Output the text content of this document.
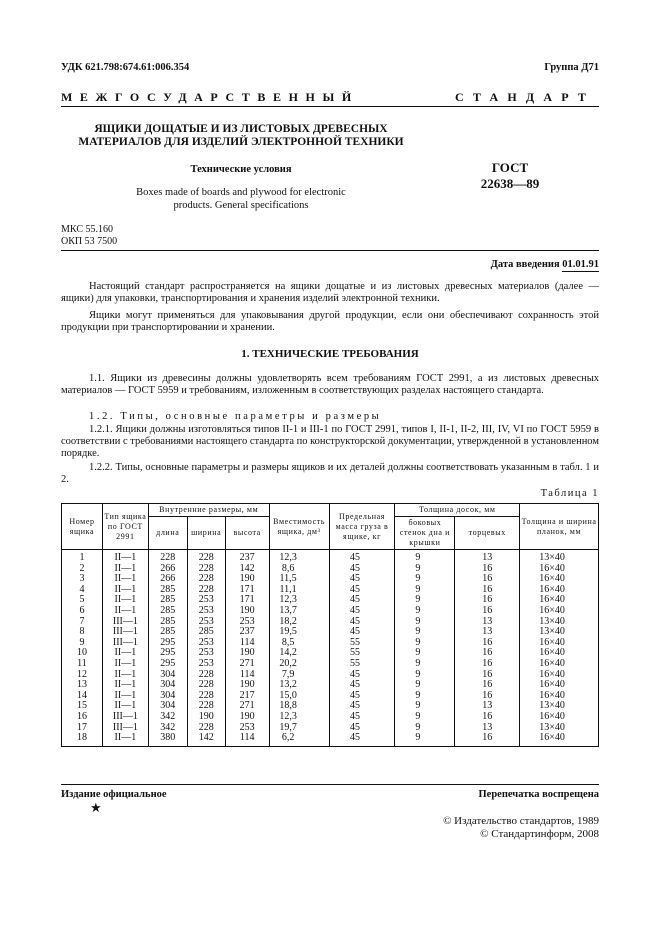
УДК 621.798:674.61:006.354	Группа Д71
МЕЖГОСУДАРСТВЕННЫЙ	СТАНДАРТ
ЯЩИКИ ДОЩАТЫЕ И ИЗ ЛИСТОВЫХ ДРЕВЕСНЫХ
МАТЕРИАЛОВ ДЛЯ ИЗДЕЛИЙ ЭЛЕКТРОННОЙ ТЕХНИКИ
Технические условия
Boxes made of boards and plywood for electronic
products. General specifications
ГОСТ
22638—89
МКС 55.160
ОКП 53 7500
Дата введения 01.01.91
Настоящий стандарт распространяется на ящики дощатые и из листовых древесных материалов (далее — ящики) для упаковки, транспортирования и хранения изделий электронной техники.
Ящики могут применяться для упаковывания другой продукции, если они обеспечивают сохранность этой продукции при транспортировании и хранении.
1. ТЕХНИЧЕСКИЕ ТРЕБОВАНИЯ
1.1. Ящики из древесины должны удовлетворять всем требованиям ГОСТ 2991, а из листовых древесных материалов — ГОСТ 5959 и требованиям, изложенным в соответствующих разделах настоящего стандарта.
1.2. Типы, основные параметры и размеры
1.2.1. Ящики должны изготовляться типов II-1 и III-1 по ГОСТ 2991, типов I, II-1, II-2, III, IV, VI по ГОСТ 5959 в соответствии с требованиями настоящего стандарта по конструкторской документации, утвержденной в установленном порядке.
1.2.2. Типы, основные параметры и размеры ящиков и их деталей должны соответствовать указанным в табл. 1 и 2.
Таблица 1
Номер ящика	Тип ящика по ГОСТ 2991	Внутренние размеры, мм			Вместимость ящика, дм³	Предельная масса груза в ящике, кг	Толщина досок, мм		Толщина и ширина планок, мм
		длина	ширина	высота			боковых стенок дна и крышки	торцевых	
1	II—1	228	228	237	12,3	45	9	13	13×40
2	II—1	266	228	142	8,6	45	9	16	16×40
3	II—1	266	228	190	11,5	45	9	16	16×40
4	II—1	285	228	171	11,1	45	9	16	16×40
5	II—1	285	253	171	12,3	45	9	16	16×40
6	II—1	285	253	190	13,7	45	9	16	16×40
7	III—1	285	253	253	18,2	45	9	13	13×40
8	III—1	285	285	237	19,5	45	9	13	13×40
9	III—1	295	253	114	8,5	55	9	16	16×40
10	II—1	295	253	190	14,2	55	9	16	16×40
11	II—1	295	253	271	20,2	55	9	16	16×40
12	II—1	304	228	114	7,9	45	9	16	16×40
13	II—1	304	228	190	13,2	45	9	16	16×40
14	II—1	304	228	217	15,0	45	9	16	16×40
15	II—1	304	228	271	18,8	45	9	13	13×40
16	III—1	342	190	190	12,3	45	9	16	16×40
17	III—1	342	228	253	19,7	45	9	13	13×40
18	II—1	380	142	114	6,2	45	9	16	16×40
Издание официальное
★
Перепечатка воспрещена
© Издательство стандартов, 1989
© Стандартинформ, 2008
